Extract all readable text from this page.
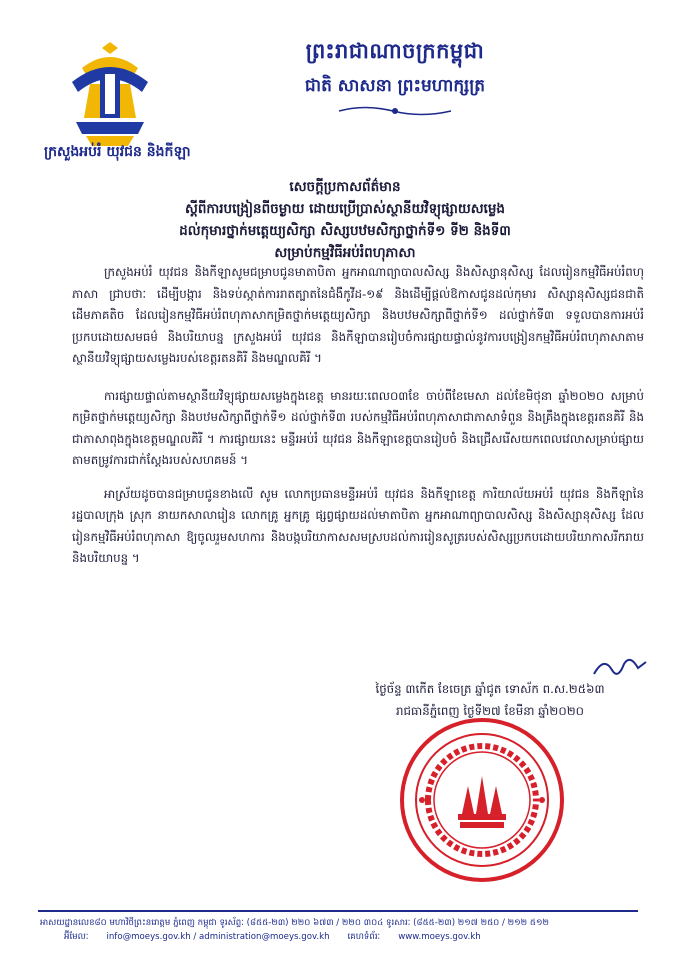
ព្រះរាជាណាចក្រកម្ពុជា
ជាតិ សាសនា ព្រះមហាក្សត្រ
ក្រសួងអប់រំ យុវជន និងកីឡា
សេចក្តីប្រកាសព័ត៌មាន
ស្តីពីការបង្រៀនពីចម្ងាយ ដោយប្រើប្រាស់ស្ថានីយវិទ្យុផ្សាយសម្លេង
ដល់កុមារថ្នាក់មត្តេយ្យសិក្សា សិស្សបឋមសិក្សាថ្នាក់ទី១ ទី២ និងទី៣
សម្រាប់កម្មវិធីអប់រំពហុភាសា

ក្រសួងអប់រំ យុវជន និងកីឡាសូមជម្រាបជូនមាតាបិតា អ្នកអាណាព្យាបាលសិស្ស និងសិស្សានុសិស្ស ដែលរៀនកម្មវិធីអប់រំពហុភាសា ជ្រាបថាៈ ដើម្បីបង្ការ និងទប់ស្កាត់ការរាតត្បាតនៃជំងឺកូវីដ-១៩ និងដើម្បីផ្តល់ឱកាសជូនដល់កុមារ សិស្សានុសិស្សជនជាតិដើមភាគតិច ដែលរៀនកម្មវិធីអប់រំពហុភាសាកម្រិតថ្នាក់មត្តេយ្យសិក្សា និងបឋមសិក្សាពីថ្នាក់ទី១ ដល់ថ្នាក់ទី៣ ទទួលបានការអប់រំប្រកបដោយសមធម៌ និងបរិយាបន្ន ក្រសួងអប់រំ យុវជន និងកីឡាបានរៀបចំការផ្សាយផ្ទាល់នូវការបង្រៀនកម្មវិធីអប់រំពហុភាសាតាមស្ថានីយវិទ្យុផ្សាយសម្លេងរបស់ខេត្តរតនគិរី និងមណ្ឌលគិរី ។

ការផ្សាយផ្ទាល់តាមស្ថានីយវិទ្យុផ្សាយសម្លេងក្នុងខេត្ត មានរយៈពេល០៣ខែ ចាប់ពីខែមេសា ដល់ខែមិថុនា ឆ្នាំ២០២០ សម្រាប់កម្រិតថ្នាក់មត្តេយ្យសិក្សា និងបឋមសិក្សាពីថ្នាក់ទី១ ដល់ថ្នាក់ទី៣ របស់កម្មវិធីអប់រំពហុភាសាជាភាសាទំពួន និងគ្រឹងក្នុងខេត្តរតនគិរី និងជាភាសាពុងក្នុងខេត្តមណ្ឌលគិរី ។ ការផ្សាយនេះ មន្ទីរអប់រំ យុវជន និងកីឡាខេត្តបានរៀបចំ និងជ្រើសរើសយកពេលវេលាសម្រាប់ផ្សាយ តាមតម្រូវការជាក់ស្តែងរបស់សហគមន៍ ។

អាស្រ័យដូចបានជម្រាបជូនខាងលើ សូម លោកប្រធានមន្ទីរអប់រំ យុវជន និងកីឡាខេត្ត ការិយាល័យអប់រំ យុវជន និងកីឡានៃរដ្ឋបាលក្រុង ស្រុក នាយកសាលារៀន លោកគ្រូ អ្នកគ្រូ ផ្សព្វផ្សាយដល់មាតាបិតា អ្នកអាណាព្យាបាលសិស្ស និងសិស្សានុសិស្ស ដែលរៀនកម្មវិធីអប់រំពហុភាសា ឱ្យចូលរួមសហការ និងបង្កបរិយាកាសសមស្របដល់ការរៀនសូត្ររបស់សិស្សប្រកបដោយបរិយាកាសរីករាយ និងបរិយាបន្ន ។

ថ្ងៃច័ន្ទ ៣កើត ខែចេត្រ ឆ្នាំជូត ទោស័ក ព.ស.២៥៦៣
រាជធានីភ្នំពេញ ថ្ងៃទី២៧ ខែមីនា ឆ្នាំ២០២០
អាសយដ្ឋានលេខ៨០ មហាវិថីព្រះនរោត្តម ភ្នំពេញ កម្ពុជា ទូរស័ព្ទៈ (៨៥៥-២៣) ២២០ ៦៧៣ / ២២០ ៣០៤ ទូរសារៈ (៨៥៥-២៣) ២១៧ ២៥០ / ២១២ ៥១២
អ៊ីមែលៈ info@moeys.gov.kh / administration@moeys.gov.kh គេហទំព័រៈ www.moeys.gov.kh
